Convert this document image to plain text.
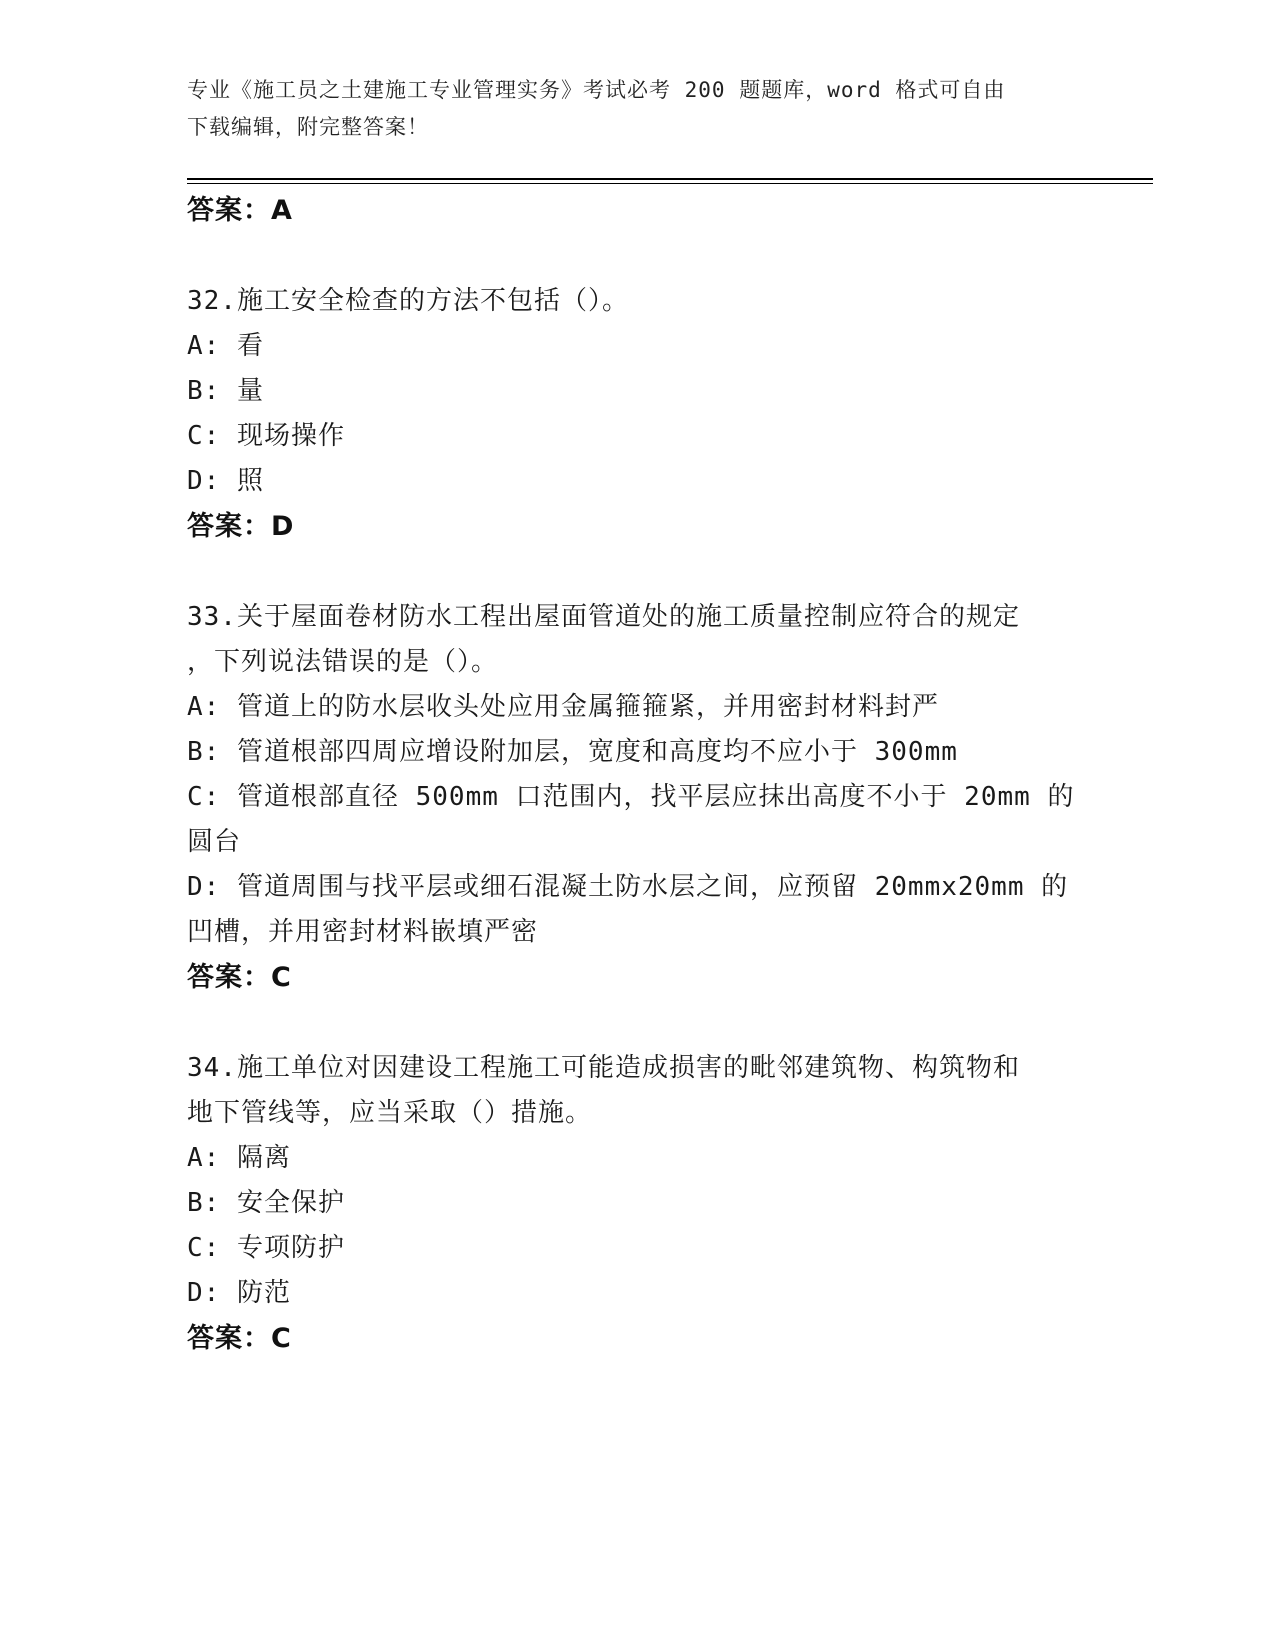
专业《施工员之土建施工专业管理实务》考试必考 200 题题库，word 格式可自由
下载编辑，附完整答案！
答案：A
32.施工安全检查的方法不包括（）。
A: 看
B: 量
C: 现场操作
D: 照
答案：D
33.关于屋面卷材防水工程出屋面管道处的施工质量控制应符合的规定
，下列说法错误的是（）。
A: 管道上的防水层收头处应用金属箍箍紧，并用密封材料封严
B: 管道根部四周应增设附加层，宽度和高度均不应小于 300mm
C: 管道根部直径 500mm 口范围内，找平层应抹出高度不小于 20mm 的
圆台
D: 管道周围与找平层或细石混凝土防水层之间，应预留 20mmx20mm 的
凹槽，并用密封材料嵌填严密
答案：C
34.施工单位对因建设工程施工可能造成损害的毗邻建筑物、构筑物和
地下管线等，应当采取（）措施。
A: 隔离
B: 安全保护
C: 专项防护
D: 防范
答案：C
